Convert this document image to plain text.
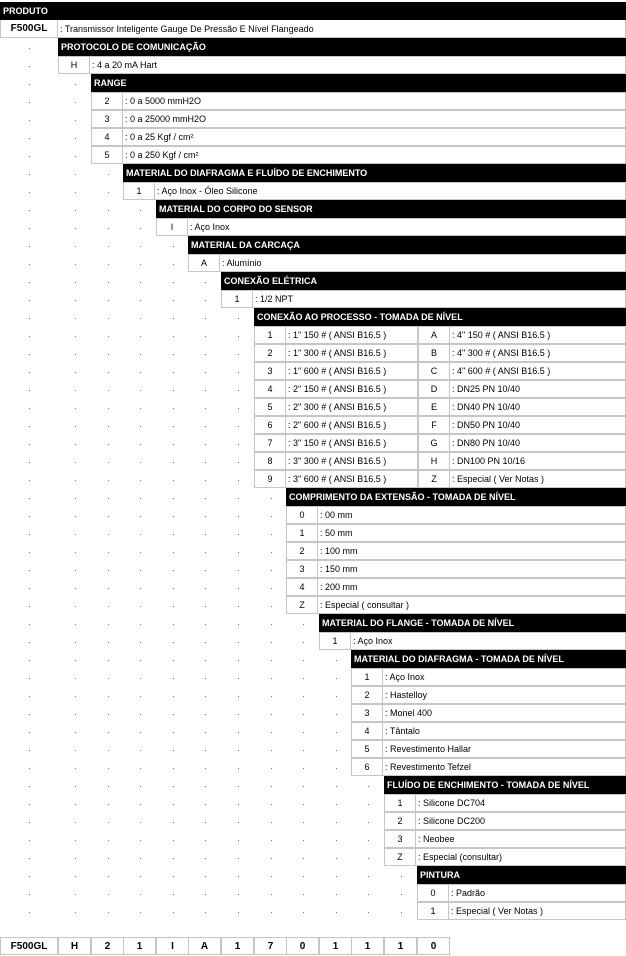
PRODUTO
F500GL	: Transmissor Inteligente Gauge De Pressão E Nível Flangeado
PROTOCOLO DE COMUNICAÇÃO
H	: 4 a 20 mA Hart
RANGE
2	: 0 a 5000 mmH2O
3	: 0 a 25000 mmH2O
4	: 0 a 25 Kgf / cm²
5	: 0 a 250 Kgf / cm²
MATERIAL DO DIAFRAGMA E FLUÍDO DE ENCHIMENTO
1	: Aço Inox - Óleo Silicone
MATERIAL DO CORPO DO SENSOR
I	: Aço Inox
MATERIAL DA CARCAÇA
A	: Alumínio
CONEXÃO ELÉTRICA
1	: 1/2 NPT
CONEXÃO AO PROCESSO - TOMADA DE NÍVEL
1	: 1" 150 # ( ANSI B16.5 )	A	: 4" 150 # ( ANSI B16.5 )
2	: 1" 300 # ( ANSI B16.5 )	B	: 4" 300 # ( ANSI B16.5 )
3	: 1" 600 # ( ANSI B16.5 )	C	: 4" 600 # ( ANSI B16.5 )
4	: 2" 150 # ( ANSI B16.5 )	D	: DN25 PN 10/40
5	: 2" 300 # ( ANSI B16.5 )	E	: DN40 PN 10/40
6	: 2" 600 # ( ANSI B16.5 )	F	: DN50 PN 10/40
7	: 3" 150 # ( ANSI B16.5 )	G	: DN80 PN 10/40
8	: 3" 300 # ( ANSI B16.5 )	H	: DN100 PN 10/16
9	: 3" 600 # ( ANSI B16.5 )	Z	: Especial ( Ver Notas )
COMPRIMENTO DA EXTENSÃO - TOMADA DE NÍVEL
0	: 00 mm
1	: 50 mm
2	: 100 mm
3	: 150 mm
4	: 200 mm
Z	: Especial ( consultar )
MATERIAL DO FLANGE - TOMADA DE NÍVEL
1	: Aço Inox
MATERIAL DO DIAFRAGMA - TOMADA DE NÍVEL
1	: Aço Inox
2	: Hastelloy
3	: Monel 400
4	: Tântalo
5	: Revestimento Hallar
6	: Revestimento Tefzel
FLUÍDO DE ENCHIMENTO - TOMADA DE NÍVEL
1	: Silicone DC704
2	: Silicone DC200
3	: Neobee
Z	: Especial (consultar)
PINTURA
0	: Padrão
1	: Especial ( Ver Notas )
F500GL	H	2	1	I	A	1	7	0	1	1	1	0
